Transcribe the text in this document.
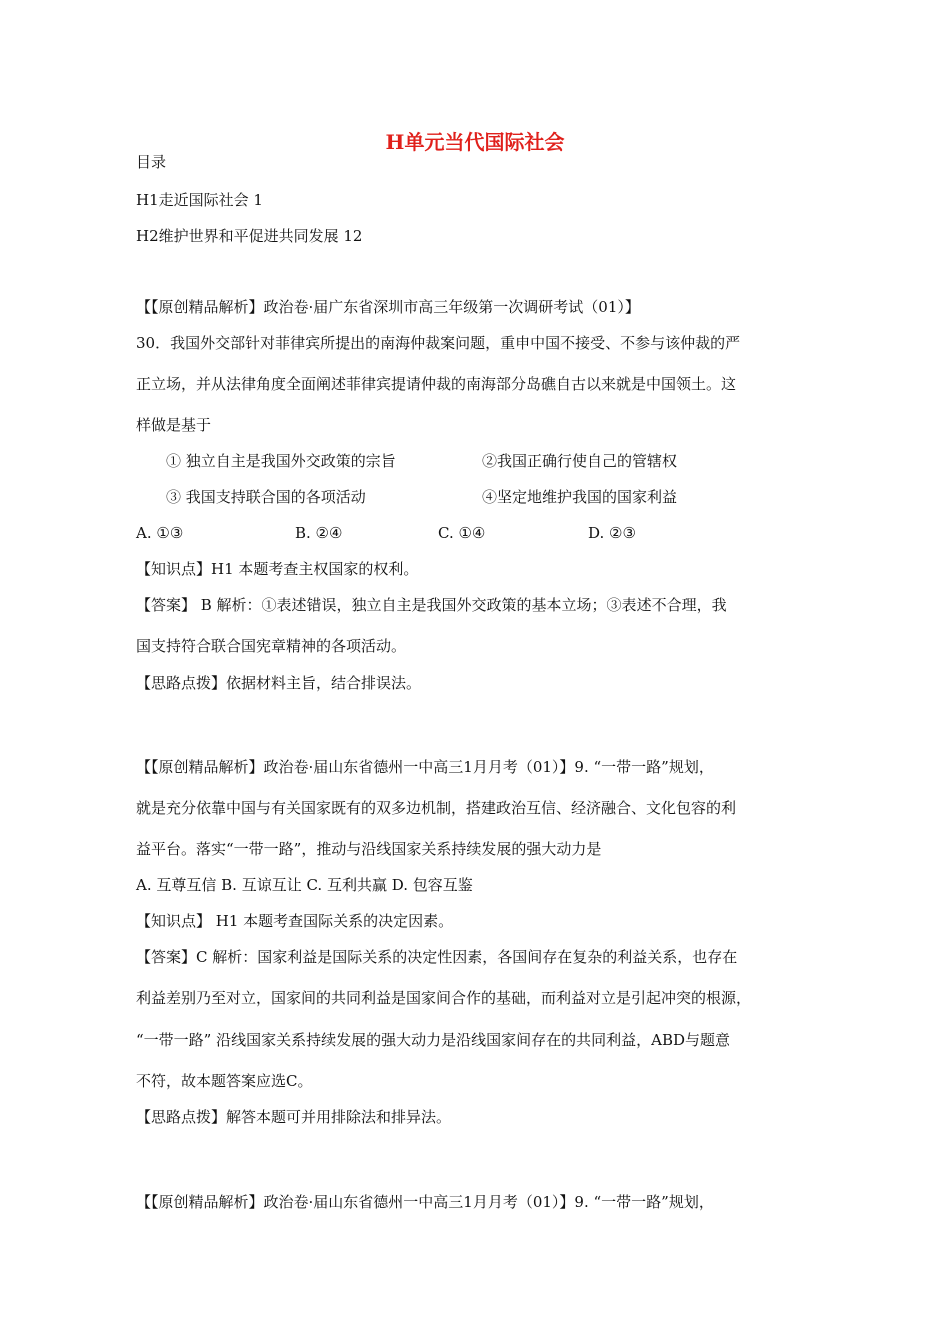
H单元当代国际社会
目录
H1走近国际社会 1
H2维护世界和平促进共同发展 12
【【原创精品解析】政治卷·届广东省深圳市高三年级第一次调研考试（01）】
30．我国外交部针对菲律宾所提出的南海仲裁案问题，重申中国不接受、不参与该仲裁的严
正立场，并从法律角度全面阐述菲律宾提请仲裁的南海部分岛礁自古以来就是中国领土。这
样做是基于
① 独立自主是我国外交政策的宗旨	②我国正确行使自己的管辖权
③ 我国支持联合国的各项活动	④坚定地维护我国的国家利益
A. ①③	B. ②④	C. ①④	D. ②③
【知识点】H1 本题考查主权国家的权利。
【答案】 B 解析：①表述错误，独立自主是我国外交政策的基本立场；③表述不合理，我
国支持符合联合国宪章精神的各项活动。
【思路点拨】依据材料主旨，结合排误法。
【【原创精品解析】政治卷·届山东省德州一中高三1月月考（01）】9. “一带一路”规划，
就是充分依靠中国与有关国家既有的双多边机制，搭建政治互信、经济融合、文化包容的利
益平台。落实“一带一路”，推动与沿线国家关系持续发展的强大动力是
A. 互尊互信 B. 互谅互让 C. 互利共赢 D. 包容互鉴
【知识点】 H1 本题考查国际关系的决定因素。
【答案】C 解析：国家利益是国际关系的决定性因素，各国间存在复杂的利益关系，也存在
利益差别乃至对立，国家间的共同利益是国家间合作的基础，而利益对立是引起冲突的根源，
“一带一路” 沿线国家关系持续发展的强大动力是沿线国家间存在的共同利益，ABD与题意
不符，故本题答案应选C。
【思路点拨】解答本题可并用排除法和排异法。
【【原创精品解析】政治卷·届山东省德州一中高三1月月考（01）】9. “一带一路”规划，
